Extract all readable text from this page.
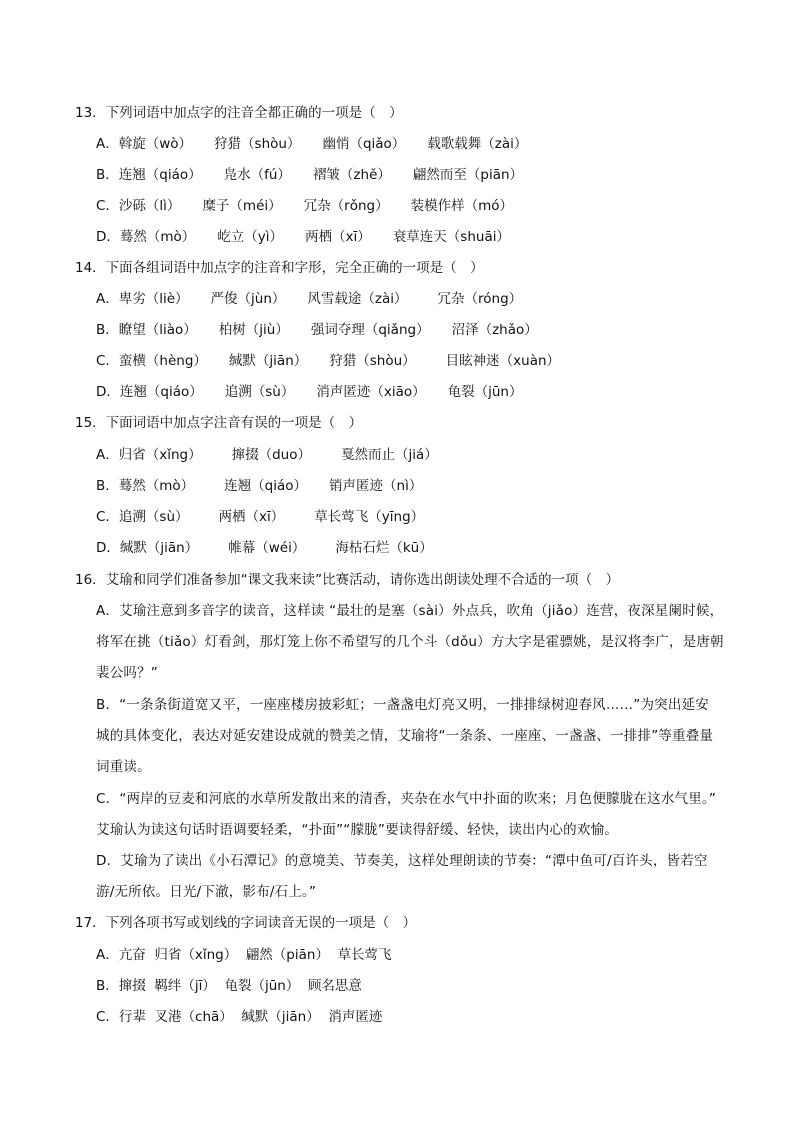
13．下列词语中加点字的注音全都正确的一项是（　）
A．斡旋（wò） 狩猎（shòu） 幽悄（qiǎo） 载歌载舞（zài）
B．连翘（qiáo） 凫水（fú） 褶皱（zhě） 翩然而至（piān）
C．沙砾（lì） 糜子（méi） 冗杂（rǒng） 装模作样（mó）
D．蓦然（mò） 屹立（yì） 两栖（xī） 衰草连天（shuāi）
14．下面各组词语中加点字的注音和字形，完全正确的一项是（　）
A．卑劣（liè） 严俊（jùn） 风雪载途（zài） 冗杂（róng）
B．瞭望（liào） 柏树（jiù） 强词夺理（qiǎng） 沼泽（zhǎo）
C．蛮横（hèng） 缄默（jiān） 狩猎（shòu） 目眩神迷（xuàn）
D．连翘（qiáo） 追溯（sù） 消声匿迹（xiāo） 龟裂（jūn）
15．下面词语中加点字注音有误的一项是（　）
A．归省（xǐng） 撺掇（duo） 戛然而止（jiá）
B．蓦然（mò） 连翘（qiáo） 销声匿迹（nì）
C．追溯（sù） 两栖（xī） 草长莺飞（yīng）
D．缄默（jiān） 帷幕（wéi） 海枯石烂（kū）
16．艾瑜和同学们准备参加“课文我来读”比赛活动，请你选出朗读处理不合适的一项（　）
A．艾瑜注意到多音字的读音，这样读 “最壮的是塞（sài）外点兵，吹角（jiǎo）连营，夜深星阑时候，
将军在挑（tiǎo）灯看剑，那灯笼上你不希望写的几个斗（dǒu）方大字是霍骠姚，是汉将李广，是唐朝
裴公吗？”
B．“一条条街道宽又平，一座座楼房披彩虹；一盏盏电灯亮又明，一排排绿树迎春风……”为突出延安
城的具体变化，表达对延安建设成就的赞美之情，艾瑜将“一条条、一座座、一盏盏、一排排”等重叠量
词重读。
C．“两岸的豆麦和河底的水草所发散出来的清香，夹杂在水气中扑面的吹来；月色便朦胧在这水气里。”
艾瑜认为读这句话时语调要轻柔，“扑面”“朦胧”要读得舒缓、轻快，读出内心的欢愉。
D．艾瑜为了读出《小石潭记》的意境美、节奏美，这样处理朗读的节奏：“潭中鱼可/百许头，皆若空
游/无所依。日光/下澈，影布/石上。”
17．下列各项书写或划线的字词读音无误的一项是（　）
A．亢奋 归省（xǐng） 翩然（piān） 草长莺飞
B．撺掇 羁绊（jī） 龟裂（jūn） 顾名思意
C．行辈 叉港（chā） 缄默（jiān） 消声匿迹
